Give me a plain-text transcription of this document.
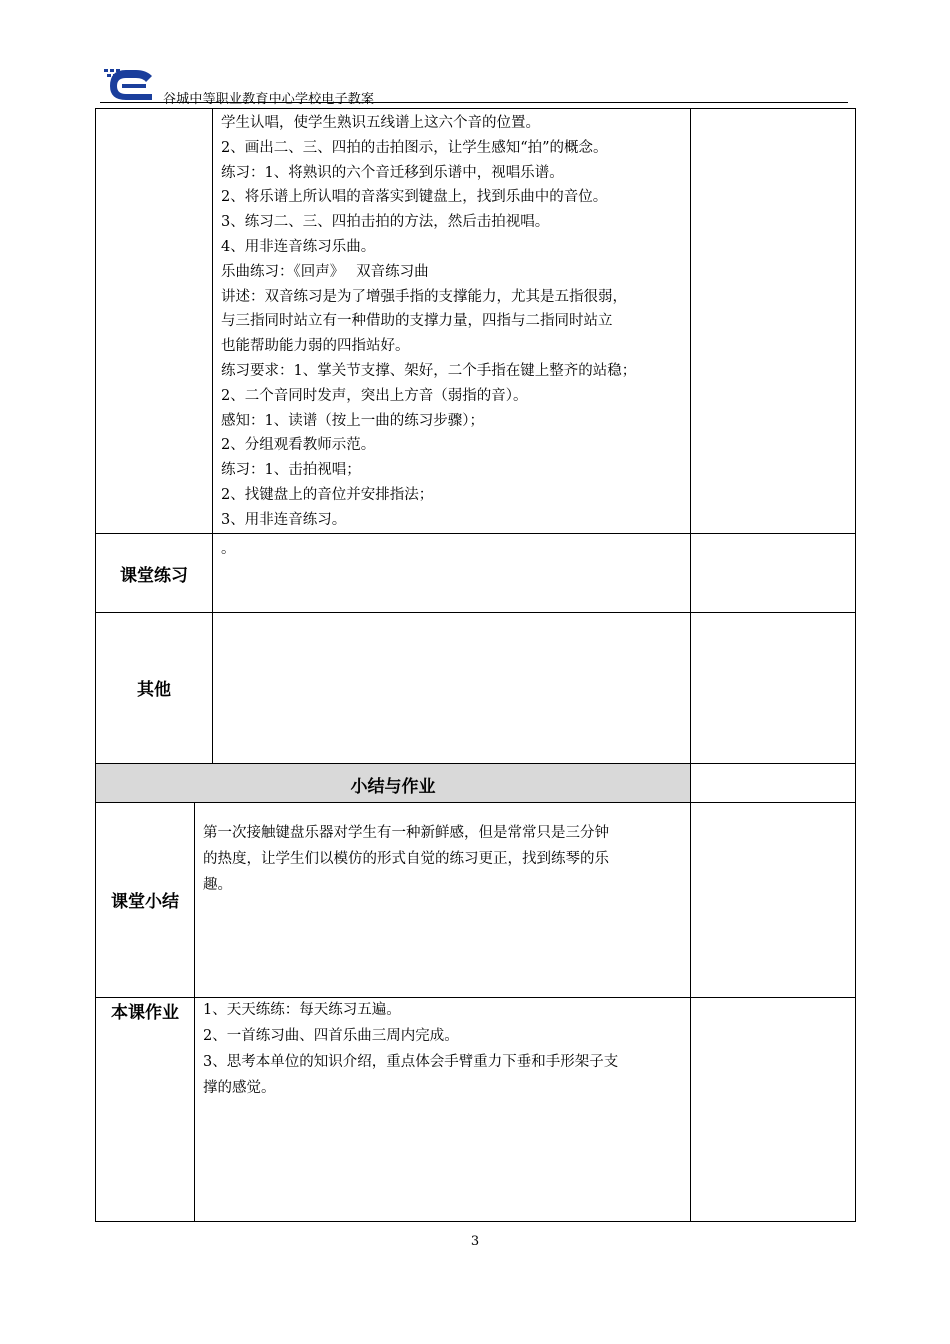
谷城中等职业教育中心学校电子教案
学生认唱，使学生熟识五线谱上这六个音的位置。
2、画出二、三、四拍的击拍图示，让学生感知“拍”的概念。
练习：1、将熟识的六个音迁移到乐谱中，视唱乐谱。
2、将乐谱上所认唱的音落实到键盘上，找到乐曲中的音位。
3、练习二、三、四拍击拍的方法，然后击拍视唱。
4、用非连音练习乐曲。
乐曲练习：《回声》　 双音练习曲
讲述：双音练习是为了增强手指的支撑能力，尤其是五指很弱，
与三指同时站立有一种借助的支撑力量，四指与二指同时站立
也能帮助能力弱的四指站好。
练习要求：1、掌关节支撑、架好，二个手指在键上整齐的站稳；
2、二个音同时发声，突出上方音（弱指的音）。
感知：1、读谱（按上一曲的练习步骤）；
2、分组观看教师示范。
练习：1、击拍视唱；
2、找键盘上的音位并安排指法；
3、用非连音练习。
课堂练习
。
其他
小结与作业
课堂小结
第一次接触键盘乐器对学生有一种新鲜感，但是常常只是三分钟
的热度，让学生们以模仿的形式自觉的练习更正，找到练琴的乐
趣。
本课作业	1、天天练练：每天练习五遍。
2、一首练习曲、四首乐曲三周内完成。
3、思考本单位的知识介绍，重点体会手臂重力下垂和手形架子支
撑的感觉。
3
